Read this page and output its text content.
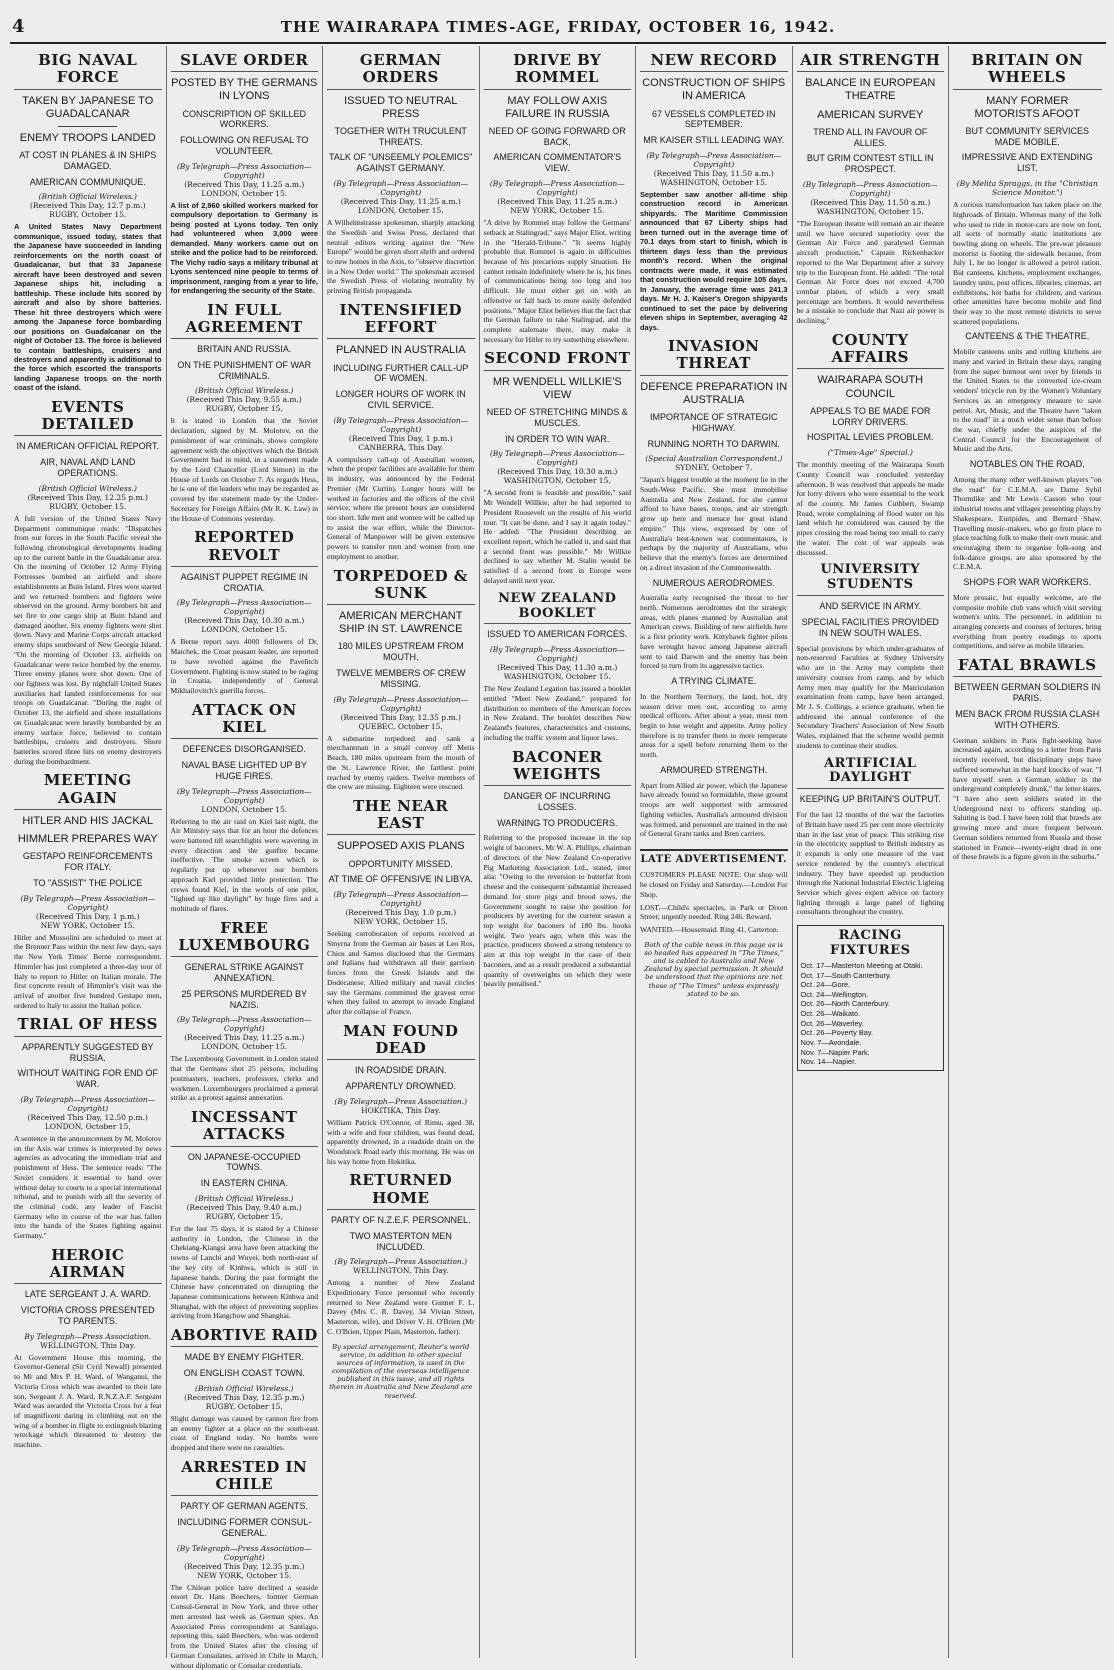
4	THE WAIRARAPA TIMES-AGE, FRIDAY, OCTOBER 16, 1942.
BIG NAVAL FORCE
TAKEN BY JAPANESE TO GUADALCANAR
ENEMY TROOPS LANDED
AT COST IN PLANES & IN SHIPS DAMAGED.
AMERICAN COMMUNIQUE.
(British Official Wireless.)
(Received This Day, 12.7 p.m.)
RUGBY, October 15.
A United States Navy Department communique, issued today, states that the Japanese have succeeded in landing reinforcements on the north coast of Guadalcanar, but that 33 Japanese aircraft have been destroyed and seven Japanese ships hit, including a battleship. These include hits scored by aircraft and also by shore batteries. These hit three destroyers which were among the Japanese force bombarding our positions on Guadalcanar on the night of October 13. The force is believed to contain battleships, cruisers and destroyers and apparently is additional to the force which escorted the transports landing Japanese troops on the north coast of the island.
EVENTS DETAILED
IN AMERICAN OFFICIAL REPORT.
AIR, NAVAL AND LAND OPERATIONS.
(British Official Wireless.)
(Received This Day, 12.25 p.m.)
RUGBY, October 15.
A full version of the United States Navy Department communique reads: "Dispatches from our forces in the South Pacific reveal the following chronological developments leading up to the current battle in the Guadalcanar area. On the morning of October 12 Army Flying Fortresses bombed an airfield and shore establishments at Buin Island. Fires were started and we returned bombers and fighters were observed on the ground. Army bombers hit and set fire to one cargo ship at Buin Island and damaged another. Six enemy fighters were shot down. Navy and Marine Corps aircraft attacked enemy ships southward of New Georgia Island. "On the morning of October 13, airfields on Guadalcanar were twice bombed by the enemy. Three enemy planes were shot down. One of our fighters was lost. By nightfall United States auxiliaries had landed reinforcements for our troops on Guadalcanar. "During the night of October 13, the airfield and shore installations on Guadalcanar were heavily bombarded by an enemy surface force, believed to contain battleships, cruisers and destroyers. Shore batteries scored three hits on enemy destroyers during the bombardment.
MEETING AGAIN
HITLER AND HIS JACKAL
HIMMLER PREPARES WAY
GESTAPO REINFORCEMENTS FOR ITALY.
TO "ASSIST" THE POLICE
(By Telegraph—Press Association—Copyright)
(Received This Day, 1 p.m.)
NEW YORK, October 15.
Hitler and Mussolini are scheduled to meet at the Brenner Pass within the next few days, says the New York Times' Berne correspondent. Himmler has just completed a three-day tour of Italy to report to Hitler on Italian morale. The first concrete result of Himmler's visit was the arrival of another five hundred Gestapo men, ordered to Italy to assist the Italian police.
TRIAL OF HESS
APPARENTLY SUGGESTED BY RUSSIA.
WITHOUT WAITING FOR END OF WAR.
(By Telegraph—Press Association—Copyright)
(Received This Day, 12.50 p.m.)
LONDON, October 15.
A sentence in the announcement by M. Molotov on the Axis war crimes is interpreted by news agencies as advocating the immediate trial and punishment of Hess. The sentence reads: "The Soviet considers it essential to hand over without delay to courts to a special international tribunal, and to punish with all the severity of the criminal code, any leader of Fascist Germany who in course of the war has fallen into the hands of the States fighting against Germany."
HEROIC AIRMAN
LATE SERGEANT J. A. WARD.
VICTORIA CROSS PRESENTED TO PARENTS.
By Telegraph—Press Association.
WELLINGTON, This Day.
At Government House this morning, the Governor-General (Sir Cyril Newall) presented to Mr and Mrs P. H. Ward, of Wanganui, the Victoria Cross which was awarded to their late son, Sergeant J. A. Ward, R.N.Z.A.F. Sergeant Ward was awarded the Victoria Cross for a feat of magnificent daring in climbing out on the wing of a bomber in flight to extinguish blazing wreckage which threatened to destroy the machine.
SLAVE ORDER
POSTED BY THE GERMANS IN LYONS
CONSCRIPTION OF SKILLED WORKERS.
FOLLOWING ON REFUSAL TO VOLUNTEER.
(By Telegraph—Press Association—Copyright)
(Received This Day, 11.25 a.m.)
LONDON, October 15.
A list of 2,960 skilled workers marked for compulsory deportation to Germany is being posted at Lyons today. Ten only had volunteered when 3,000 were demanded. Many workers came out on strike and the police had to be reinforced. The Vichy radio says a military tribunal at Lyons sentenced nine people to terms of imprisonment, ranging from a year to life, for endangering the security of the State.
IN FULL AGREEMENT
BRITAIN AND RUSSIA.
ON THE PUNISHMENT OF WAR CRIMINALS.
(British Official Wireless.)
(Received This Day, 9.55 a.m.)
RUGBY, October 15.
It is stated in London that the Soviet declaration, signed by M. Molotov, on the punishment of war criminals, shows complete agreement with the objectives which the British Government had in mind, in a statement made by the Lord Chancellor (Lord Simon) in the House of Lords on October 7. As regards Hess, he is one of the leaders who may be regarded as covered by the statement made by the Under-Secretary for Foreign Affairs (Mr R. K. Law) in the House of Commons yesterday.
REPORTED REVOLT
AGAINST PUPPET REGIME IN CROATIA.
(By Telegraph—Press Association—Copyright)
(Received This Day, 10.30 a.m.)
LONDON, October 15.
A Berne report says 4000 followers of Dr. Matchek, the Croat peasant leader, are reported to have revolted against the Pavelitch Government. Fighting is now stated to be raging in Croatia, independently of General Mikhailovitch's guerilla forces.
ATTACK ON KIEL
DEFENCES DISORGANISED.
NAVAL BASE LIGHTED UP BY HUGE FIRES.
(By Telegraph—Press Association—Copyright)
LONDON, October 15.
Referring to the air raid on Kiel last night, the Air Ministry says that for an hour the defences were battered till searchlights were wavering in every direction and the gunfire became ineffective. The smoke screen which is regularly put up whenever our bombers approach Kiel provided little protection. The crews found Kiel, in the words of one pilot, "lighted up like daylight" by huge fires and a multitude of flares.
FREE LUXEMBOURG
GENERAL STRIKE AGAINST ANNEXATION.
25 PERSONS MURDERED BY NAZIS.
(By Telegraph—Press Association—Copyright)
(Received This Day, 11.25 a.m.)
LONDON, October 15.
The Luxembourg Government in London stated that the Germans shot 25 persons, including postmasters, teachers, professors, clerks and workmen. Luxembourgers proclaimed a general strike as a protest against annexation.
INCESSANT ATTACKS
ON JAPANESE-OCCUPIED TOWNS.
IN EASTERN CHINA.
(British Official Wireless.)
(Received This Day, 9.40 a.m.)
RUGBY, October 15.
For the last 75 days, it is stated by a Chinese authority in London, the Chinese in the Chekiang-Kiangsi area have been attacking the towns of Lanchi and Wuyei, both north-east of the key city of Kinhwa, which is still in Japanese hands. During the past fortnight the Chinese have concentrated on disrupting the Japanese communications between Kinhwa and Shanghai, with the object of preventing supplies arriving from Hangchow and Shanghai.
ABORTIVE RAID
MADE BY ENEMY FIGHTER.
ON ENGLISH COAST TOWN.
(British Official Wireless.)
(Received This Day, 12.35 p.m.)
RUGBY, October 15.
Slight damage was caused by cannon fire from an enemy fighter at a place on the south-east coast of England today. No bombs were dropped and there were no casualties.
ARRESTED IN CHILE
PARTY OF GERMAN AGENTS.
INCLUDING FORMER CONSUL-GENERAL.
(By Telegraph—Press Association—Copyright)
(Received This Day, 12.35 p.m.)
NEW YORK, October 15.
The Chilean police have declined a seaside resort Dr. Hans Boechers, former German Consul-General in New York, and three other men arrested last week as German spies. An Associated Press correspondent at Santiago, reporting this, said Boechers, who was ordered from the United States after the closing of German Consulates, arrived in Chile in March, without diplomatic or Consular credentials.
GERMAN ORDERS
ISSUED TO NEUTRAL PRESS
TOGETHER WITH TRUCULENT THREATS.
TALK OF "UNSEEMLY POLEMICS" AGAINST GERMANY.
(By Telegraph—Press Association—Copyright)
(Received This Day, 11.25 a.m.)
LONDON, October 15.
A Wilhelmstrasse spokesman, sharply attacking the Swedish and Swiss Press, declared that neutral editors writing against the "New Europe" would be given short shrift and ordered to new homes in the Axis, to "observe discretion in a New Order world." The spokesman accused the Swedish Press of violating neutrality by printing British propaganda.
INTENSIFIED EFFORT
PLANNED IN AUSTRALIA
INCLUDING FURTHER CALL-UP OF WOMEN.
LONGER HOURS OF WORK IN CIVIL SERVICE.
(By Telegraph—Press Association—Copyright)
(Received This Day, 1 p.m.)
CANBERRA, This Day.
A compulsory call-up of Australian women, when the proper facilities are available for them in industry, was announced by the Federal Premier (Mr Curtin). Longer hours will be worked in factories and the offices of the civil service, where the present hours are considered too short. Idle men and women will be called up to assist the war effort, while the Director-General of Manpower will be given extensive powers to transfer men and women from one employment to another.
TORPEDOED & SUNK
AMERICAN MERCHANT SHIP IN ST. LAWRENCE
180 MILES UPSTREAM FROM MOUTH.
TWELVE MEMBERS OF CREW MISSING.
(By Telegraph—Press Association—Copyright)
(Received This Day, 12.35 p.m.)
QUEBEC, October 15.
A submarine torpedoed and sank a merchantman in a small convoy off Metis Beach, 180 miles upstream from the mouth of the St. Lawrence River, the farthest point reached by enemy raiders. Twelve members of the crew are missing. Eighteen were rescued.
THE NEAR EAST
SUPPOSED AXIS PLANS
OPPORTUNITY MISSED.
AT TIME OF OFFENSIVE IN LIBYA.
(By Telegraph—Press Association—Copyright)
(Received This Day, 1.0 p.m.)
NEW YORK, October 15.
Seeking corroboration of reports received at Smyrna from the German air bases at Leo Ros, Chios and Samos disclosed that the Germans and Italians had withdrawn all their garrison forces from the Greek Islands and the Dodecanese. Allied military and naval circles say the Germans committed the gravest error when they failed to attempt to invade England after the collapse of France.
MAN FOUND DEAD
IN ROADSIDE DRAIN.
APPARENTLY DROWNED.
(By Telegraph—Press Association.)
HOKITIKA, This Day.
William Patrick O'Connor, of Rimu, aged 38, with a wife and four children, was found dead, apparently drowned, in a roadside drain on the Woodstock Road early this morning. He was on his way home from Hokitika.
RETURNED HOME
PARTY OF N.Z.E.F. PERSONNEL.
TWO MASTERTON MEN INCLUDED.
(By Telegraph—Press Association.)
WELLINGTON, This Day.
Among a number of New Zealand Expeditionary Force personnel who recently returned to New Zealand were Gunner F. L. Davey (Mrs C. R. Davey, 34 Vivian Street, Masterton, wife), and Driver V. H. O'Brien (Mr C. O'Brien, Upper Plain, Masterton, father).
By special arrangement, Reuter's world service, in addition to other special sources of information, is used in the compilation of the overseas intelligence published in this issue, and all rights therein in Australia and New Zealand are reserved.
DRIVE BY ROMMEL
MAY FOLLOW AXIS FAILURE IN RUSSIA
NEED OF GOING FORWARD OR BACK.
AMERICAN COMMENTATOR'S VIEW.
(By Telegraph—Press Association—Copyright)
(Received This Day, 11.25 a.m.)
NEW YORK, October 15.
"A drive by Rommel may follow the Germans' setback at Stalingrad," says Major Eliot, writing in the "Herald-Tribune." "It seems highly probable that Rommel is again in difficulties because of his precarious supply situation. He cannot remain indefinitely where he is, his lines of communications being too long and too difficult. He must either get on with an offensive or fall back to more easily defended positions." Major Eliot believes that the fact that the German failure to take Stalingrad, and the complete stalemate there, may make it necessary for Hitler to try something elsewhere.
SECOND FRONT
MR WENDELL WILLKIE'S VIEW
NEED OF STRETCHING MINDS & MUSCLES.
IN ORDER TO WIN WAR.
(By Telegraph—Press Association—Copyright)
(Received This Day, 10.30 a.m.)
WASHINGTON, October 15.
"A second front is feasible and possible," said Mr Wendell Willkie, after he had reported to President Roosevelt on the results of his world tour. "It can be done, and I say it again today." He added: "The President describing an excellent report, which he called it, and said that a second front was possible." Mr Willkie declined to say whether M. Stalin would be satisfied if a second front in Europe were delayed until next year.
NEW ZEALAND BOOKLET
ISSUED TO AMERICAN FORCES.
(By Telegraph—Press Association—Copyright)
(Received This Day, 11.30 a.m.)
WASHINGTON, October 15.
The New Zealand Legation has issued a booklet entitled "Meet New Zealand," prepared for distribution to members of the American forces in New Zealand. The booklet describes New Zealand's features, characteristics and customs, including the traffic system and liquor laws.
BACONER WEIGHTS
DANGER OF INCURRING LOSSES.
WARNING TO PRODUCERS.
Referring to the proposed increase in the top weight of baconers, Mr W. A. Phillips, chairman of directors of the New Zealand Co-operative Pig Marketing Association Ltd., stated, inter alia: "Owing to the reversion to butterfat from cheese and the consequent substantial increased demand for store pigs and brood sows, the Government sought to raise the position for producers by averting for the current season a top weight for baconers of 180 lbs. hooks weight. Two years ago, when this was the practice, producers showed a strong tendency to aim at this top weight in the case of their baconers, and as a result produced a substantial quantity of overweights on which they were heavily penalised."
NEW RECORD
CONSTRUCTION OF SHIPS IN AMERICA
67 VESSELS COMPLETED IN SEPTEMBER.
MR KAISER STILL LEADING WAY.
(By Telegraph—Press Association—Copyright)
(Received This Day, 11.50 a.m.)
WASHINGTON, October 15.
September saw another all-time ship construction record in American shipyards. The Maritime Commission announced that 67 Liberty ships had been turned out in the average time of 70.1 days from start to finish, which is thirteen days less than the previous month's record. When the original contracts were made, it was estimated that construction would require 105 days. In January, the average time was 241.3 days. Mr H. J. Kaiser's Oregon shipyards continued to set the pace by delivering eleven ships in September, averaging 42 days.
INVASION THREAT
DEFENCE PREPARATION IN AUSTRALIA
IMPORTANCE OF STRATEGIC HIGHWAY.
RUNNING NORTH TO DARWIN.
(Special Australian Correspondent.)
SYDNEY, October 7.
"Japan's biggest trouble at the moment lie in the South-West Pacific. She must immobilise Australia and New Zealand, for she cannot afford to have bases, troops, and air strength grow up here and menace her great island empire." This view, expressed by one of Australia's best-known war commentators, is perhaps by the majority of Australians, who believe that the enemy's forces are determined on a direct invasion of the Commonwealth.
NUMEROUS AERODROMES.
Australia early recognised the threat to her north. Numerous aerodromes dot the strategic areas, with planes manned by Australian and American crews. Building of new airfields here is a first priority work. Kittyhawk fighter pilots have wrought havoc among Japanese aircraft sent to raid Darwin and the enemy has been forced to turn from its aggressive tactics.
A TRYING CLIMATE.
In the Northern Territory, the land, hot, dry season drive men out, according to army medical officers. After about a year, most men begin to lose weight and appetite. Army policy therefore is to transfer them to more temperate areas for a spell before returning them to the north.
ARMOURED STRENGTH.
Apart from Allied air power, which the Japanese have already found so formidable, these ground troops are well supported with armoured fighting vehicles. Australia's armoured division was formed, and personnel are trained in the use of General Grant tanks and Bren carriers.
LATE ADVERTISEMENT.
CUSTOMERS PLEASE NOTE: Our shop will be closed on Friday and Saturday.—London Fur Shop.
LOST.—Child's spectacles, in Park or Dixon Street; urgently needed. Ring 246. Reward.
WANTED.—Housemaid. Ring 41, Carterton.
Both of the cable news in this page as is so headed has appeared in "The Times," and is cabled to Australia and New Zealand by special permission. It should be understood that the opinions are not those of "The Times" unless expressly stated to be so.
AIR STRENGTH
BALANCE IN EUROPEAN THEATRE
AMERICAN SURVEY
TREND ALL IN FAVOUR OF ALLIES.
BUT GRIM CONTEST STILL IN PROSPECT.
(By Telegraph—Press Association—Copyright)
(Received This Day, 11.50 a.m.)
WASHINGTON, October 15.
"The European theatre will remain an air theatre until we have secured superiority over the German Air Force and paralysed German aircraft production," Captain Rickenbacker reported to the War Department after a survey trip to the European front. He added: "The total German Air Force does not exceed 4,700 combat planes, of which a very small percentage are bombers. It would nevertheless be a mistake to conclude that Nazi air power is declining."
COUNTY AFFAIRS
WAIRARAPA SOUTH COUNCIL
APPEALS TO BE MADE FOR LORRY DRIVERS.
HOSPITAL LEVIES PROBLEM.
("Times-Age" Special.)
The monthly meeting of the Wairarapa South County Council was concluded yesterday afternoon. It was resolved that appeals be made for lorry drivers who were essential to the work of the county. Mr James Cuthbert, Swamp Road, wrote complaining of flood water on his land which he considered was caused by the pipes crossing the road being too small to carry the water. The cost of war appeals was discussed.
UNIVERSITY STUDENTS
AND SERVICE IN ARMY.
SPECIAL FACILITIES PROVIDED IN NEW SOUTH WALES.
Special provisions by which under-graduates of non-reserved Faculties at Sydney University who are in the Army may complete their university courses from camp, and by which Army men may qualify for the Matriculation examination from camp, have been arranged. Mr J. S. Collings, a science graduate, when he addressed the annual conference of the Secondary Teachers' Association of New South Wales, explained that the scheme would permit students to continue their studies.
ARTIFICIAL DAYLIGHT
KEEPING UP BRITAIN'S OUTPUT.
For the last 12 months of the war the factories of Britain have used 25 per cent more electricity than in the last year of peace. This striking rise in the electricity supplied to British industry as it expands is only one measure of the vast service rendered by the country's electrical industry. They have speeded up production through the National Industrial Electric Lighting Service which gives expert advice on factory lighting through a large panel of lighting consultants throughout the country.
RACING FIXTURES
Oct. 17—Masterton Meeting at Otaki.
Oct. 17—South Canterbury.
Oct. 24—Gore.
Oct. 24—Wellington.
Oct. 26—North Canterbury.
Oct. 26—Waikato.
Oct. 26—Waverley.
Oct. 26—Poverty Bay.
Nov. 7—Avondale.
Nov. 7—Napier Park.
Nov. 14—Napier.
BRITAIN ON WHEELS
MANY FORMER MOTORISTS AFOOT
BUT COMMUNITY SERVICES MADE MOBILE.
IMPRESSIVE AND EXTENDING LIST.
(By Melita Spraggs, in the "Christian Science Monitor.")
A curious transformation has taken place on the highroads of Britain. Whereas many of the folk who used to ride in motor-cars are now on foot, all sorts of normally static institutions are bowling along on wheels. The pre-war pleasure motorist is footing the sidewalk because, from July 1, he no longer is allowed a petrol ration. But canteens, kitchens, employment exchanges, laundry units, post offices, libraries, cinemas, art exhibitions, hot baths for children, and various other amenities have become mobile and find their way to the most remote districts to serve scattered populations.
CANTEENS & THE THEATRE.
Mobile canteens units and rolling kitchens are many and varied in Britain these days, ranging from the super burnout sent over by friends in the United States to the converted ice-cream vendors' tricycle run by the Women's Voluntary Services as an emergency measure to save petrol. Art, Music, and the Theatre have "taken to the road" in a much wider sense than before the war, chiefly under the auspices of the Central Council for the Encouragement of Music and the Arts.
NOTABLES ON THE ROAD.
Among the many other well-known players "on the road" for C.E.M.A. are Dame Sybil Thorndike and Mr Lewis Casson who tour industrial towns and villages presenting plays by Shakespeare, Euripides, and Bernard Shaw. Travelling music-makers, who go from place to place teaching folk to make their own music and encouraging them to organise folk-song and folk-dance groups, are also sponsored by the C.E.M.A.
SHOPS FOR WAR WORKERS.
More prosaic, but equally welcome, are the composite mobile club vans which visit serving women's units. The personnel, in addition to arranging concerts and courses of lectures, bring everything from poetry readings to sports competitions, and serve as mobile libraries.
FATAL BRAWLS
BETWEEN GERMAN SOLDIERS IN PARIS.
MEN BACK FROM RUSSIA CLASH WITH OTHERS.
German soldiers in Paris fight-seeking have increased again, according to a letter from Paris recently received, but disciplinary steps have suffered somewhat in the hard knocks of war. "I have myself seen a German soldier in the underground completely drunk," the letter states. "I have also seen soldiers seated in the Underground next to officers standing up. Saluting is bad. I have been told that brawls are growing more and more frequent between German soldiers returned from Russia and those stationed in France—twenty-eight dead in one of these brawls is a figure given in the suburbs."
